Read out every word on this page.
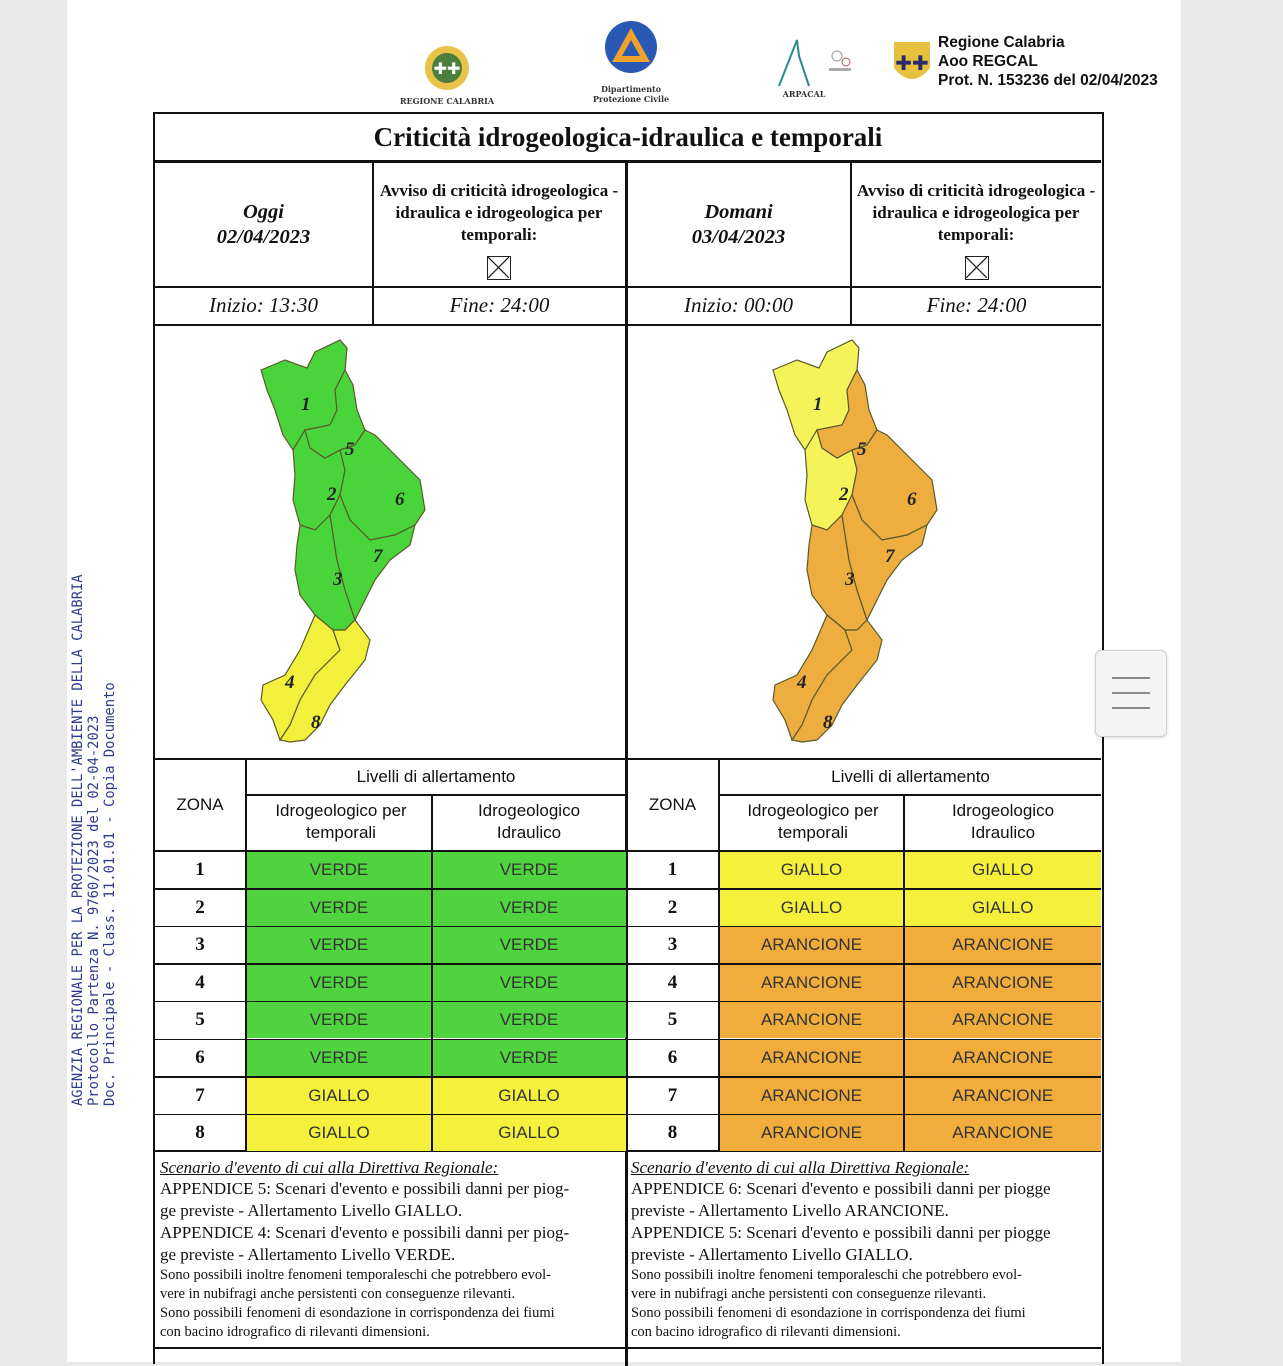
✚✚
REGIONE CALABRIA
Dipartimento Protezione Civile	ARPACAL
✚✚
Regione Calabria
Aoo REGCAL
Prot. N. 153236 del 02/04/2023
AGENZIA REGIONALE PER LA PROTEZIONE DELL'AMBIENTE DELLA CALABRIA Protocollo Partenza N. 9760/2023 del 02-04-2023 Doc. Principale - Class. 11.01.01 - Copia Documento
Criticità idrogeologica-idraulica e temporali
Oggi
02/04/2023
Avviso di criticità idrogeologica - idraulica e idrogeologica per temporali:
Inizio: 13:30	Fine: 24:00
Domani
03/04/2023
Avviso di criticità idrogeologica - idraulica e idrogeologica per temporali:
Inizio: 00:00	Fine: 24:00
1
2
3
4
5
6
7
8
1
2
3
4
5
6
7
8
ZONA
Livelli di allertamento
Idrogeologico per temporali
Idrogeologico Idraulico
ZONA
Livelli di allertamento
Idrogeologico per temporali
Idrogeologico Idraulico
1	VERDE	VERDE
2	VERDE	VERDE
3	VERDE	VERDE
4	VERDE	VERDE
5	VERDE	VERDE
6	VERDE	VERDE
7	GIALLO	GIALLO
8	GIALLO	GIALLO
1	GIALLO	GIALLO
2	GIALLO	GIALLO
3	ARANCIONE	ARANCIONE
4	ARANCIONE	ARANCIONE
5	ARANCIONE	ARANCIONE
6	ARANCIONE	ARANCIONE
7	ARANCIONE	ARANCIONE
8	ARANCIONE	ARANCIONE
Scenario d'evento di cui alla Direttiva Regionale:
APPENDICE 5: Scenari d'evento e possibili danni per piog-
ge previste - Allertamento Livello GIALLO.
APPENDICE 4: Scenari d'evento e possibili danni per piog-
ge previste - Allertamento Livello VERDE.
Sono possibili inoltre fenomeni temporaleschi che potrebbero evol-
vere in nubifragi anche persistenti con conseguenze rilevanti.
Sono possibili fenomeni di esondazione in corrispondenza dei fiumi
con bacino idrografico di rilevanti dimensioni.
Scenario d'evento di cui alla Direttiva Regionale:
APPENDICE 6: Scenari d'evento e possibili danni per piogge
previste - Allertamento Livello ARANCIONE.
APPENDICE 5: Scenari d'evento e possibili danni per piogge
previste - Allertamento Livello GIALLO.
Sono possibili inoltre fenomeni temporaleschi che potrebbero evol-
vere in nubifragi anche persistenti con conseguenze rilevanti.
Sono possibili fenomeni di esondazione in corrispondenza dei fiumi
con bacino idrografico di rilevanti dimensioni.
